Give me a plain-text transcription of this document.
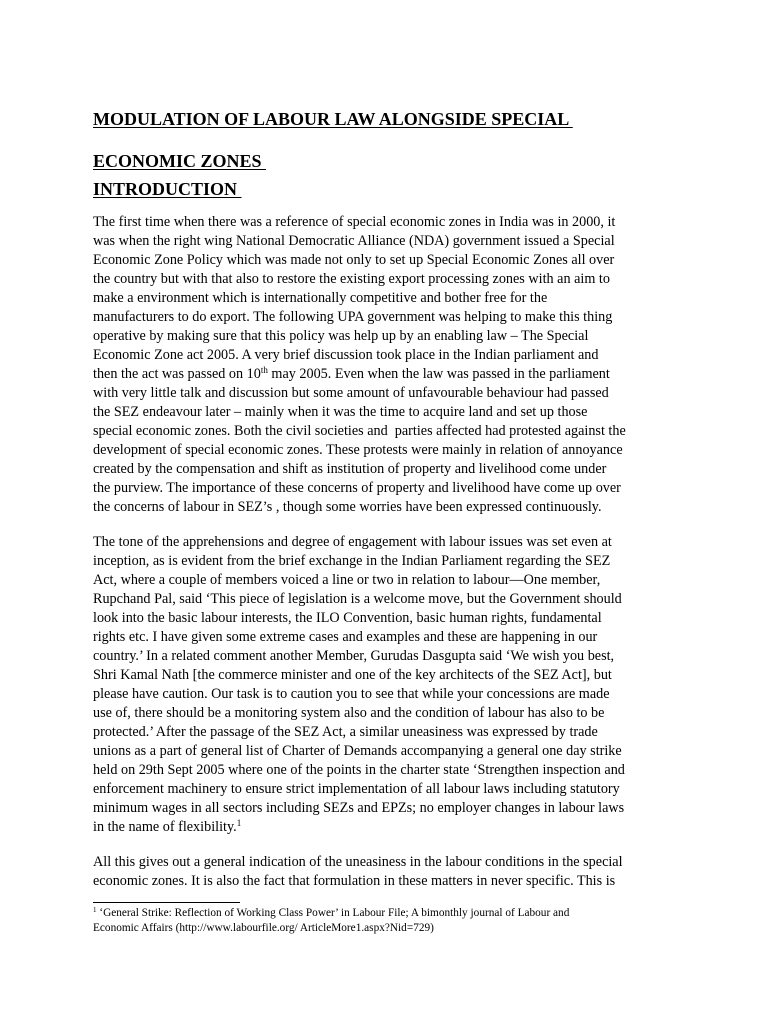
MODULATION OF LABOUR LAW ALONGSIDE SPECIAL

ECONOMIC ZONES

INTRODUCTION
The first time when there was a reference of special economic zones in India was in 2000, it
was when the right wing National Democratic Alliance (NDA) government issued a Special
Economic Zone Policy which was made not only to set up Special Economic Zones all over
the country but with that also to restore the existing export processing zones with an aim to
make a environment which is internationally competitive and bother free for the
manufacturers to do export. The following UPA government was helping to make this thing
operative by making sure that this policy was help up by an enabling law – The Special
Economic Zone act 2005. A very brief discussion took place in the Indian parliament and
then the act was passed on 10th may 2005. Even when the law was passed in the parliament
with very little talk and discussion but some amount of unfavourable behaviour had passed
the SEZ endeavour later – mainly when it was the time to acquire land and set up those
special economic zones. Both the civil societies and  parties affected had protested against the
development of special economic zones. These protests were mainly in relation of annoyance
created by the compensation and shift as institution of property and livelihood come under
the purview. The importance of these concerns of property and livelihood have come up over
the concerns of labour in SEZ’s , though some worries have been expressed continuously.
The tone of the apprehensions and degree of engagement with labour issues was set even at
inception, as is evident from the brief exchange in the Indian Parliament regarding the SEZ
Act, where a couple of members voiced a line or two in relation to labour—One member,
Rupchand Pal, said ‘This piece of legislation is a welcome move, but the Government should
look into the basic labour interests, the ILO Convention, basic human rights, fundamental
rights etc. I have given some extreme cases and examples and these are happening in our
country.’ In a related comment another Member, Gurudas Dasgupta said ‘We wish you best,
Shri Kamal Nath [the commerce minister and one of the key architects of the SEZ Act], but
please have caution. Our task is to caution you to see that while your concessions are made
use of, there should be a monitoring system also and the condition of labour has also to be
protected.’ After the passage of the SEZ Act, a similar uneasiness was expressed by trade
unions as a part of general list of Charter of Demands accompanying a general one day strike
held on 29th Sept 2005 where one of the points in the charter state ‘Strengthen inspection and
enforcement machinery to ensure strict implementation of all labour laws including statutory
minimum wages in all sectors including SEZs and EPZs; no employer changes in labour laws
in the name of flexibility.$^1$
All this gives out a general indication of the uneasiness in the labour conditions in the special
economic zones. It is also the fact that formulation in these matters in never specific. This is
$^1$ ‘General Strike: Reflection of Working Class Power’ in Labour File; A bimonthly journal of Labour and
Economic Affairs (http://www.labourfile.org/ ArticleMore1.aspx?Nid=729)
